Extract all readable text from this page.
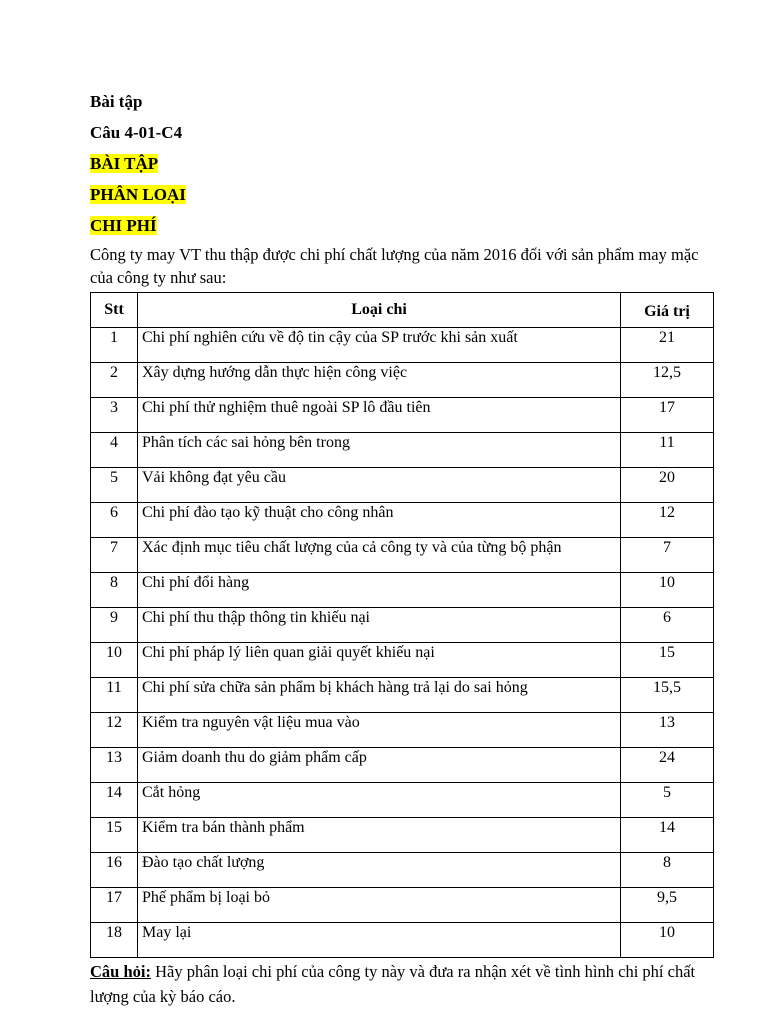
Bài tập

Câu 4-01-C4

BÀI TẬP

PHÂN LOẠI

CHI PHÍ

Công ty may VT thu thập được chi phí chất lượng của năm 2016 đối với sản phẩm may mặc của công ty như sau:

Stt	Loại chi	Giá trị
1	Chi phí nghiên cứu về độ tin cậy của SP trước khi sản xuất	21
2	Xây dựng hướng dẫn thực hiện công việc	12,5
3	Chi phí thử nghiệm thuê ngoài SP lô đầu tiên	17
4	Phân tích các sai hỏng bên trong	11
5	Vải không đạt yêu cầu	20
6	Chi phí đào tạo kỹ thuật cho công nhân	12
7	Xác định mục tiêu chất lượng của cả công ty và của từng bộ phận	7
8	Chi phí đổi hàng	10
9	Chi phí thu thập thông tin khiếu nại	6
10	Chi phí pháp lý liên quan giải quyết khiếu nại	15
11	Chi phí sửa chữa sản phẩm bị khách hàng trả lại do sai hỏng	15,5
12	Kiểm tra nguyên vật liệu mua vào	13
13	Giảm doanh thu do giảm phẩm cấp	24
14	Cắt hỏng	5
15	Kiểm tra bán thành phẩm	14
16	Đào tạo chất lượng	8
17	Phế phẩm bị loại bỏ	9,5
18	May lại	10

Câu hỏi: Hãy phân loại chi phí của công ty này và đưa ra nhận xét về tình hình chi phí chất lượng của kỳ báo cáo.
